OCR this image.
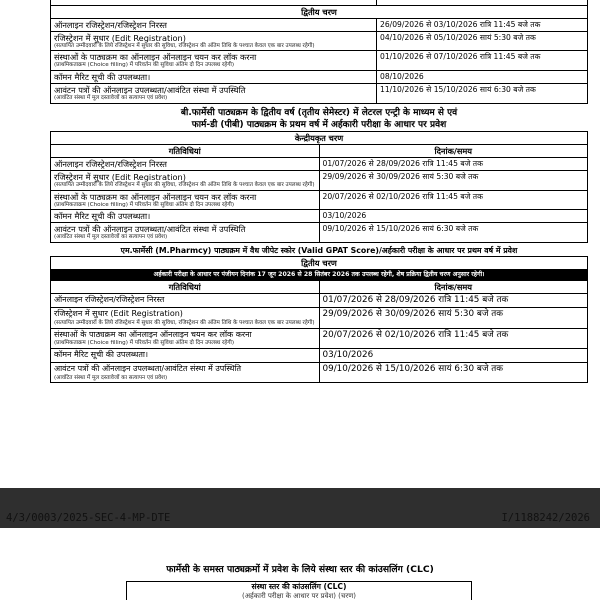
द्वितीय चरण	
ऑनलाइन रजिस्ट्रेशन/रजिस्ट्रेशन निरस्त	26/09/2026 से 03/10/2026 रात्रि 11:45 बजे तक
रजिस्ट्रेशन में सुधार (Edit Registration)
(सत्यापित उम्मीदवारों के लिये रजिस्ट्रेशन में सुधार की सुविधा, रजिस्ट्रेशन की अंतिम तिथि के पश्चात केवल एक बार उपलब्ध रहेगी)	04/10/2026 से 05/10/2026 सायं 5:30 बजे तक
संस्थाओं के पाठ्यक्रम का ऑनलाइन ऑनलाइन चयन कर लॉक करना
(प्राथमिकताक्रम (Choice filling) में परिवर्तन की सुविधा अंतिम दो दिन उपलब्ध रहेगी)	01/10/2026 से 07/10/2026 रात्रि 11:45 बजे तक
कॉमन मैरिट सूची की उपलब्धता।	08/10/2026
आवंटन पत्रों की ऑनलाइन उपलब्धता/आवंटित संस्था में उपस्थिति
(आवंटित संस्था में मूल दस्तावेजों का सत्यापन एवं प्रवेश)	11/10/2026 से 15/10/2026 सायं 6:30 बजे तक
बी.फार्मेसी पाठ्यक्रम के द्वितीय वर्ष (तृतीय सेमेस्टर) में लेटरल एन्ट्री के माध्यम से एवं
फार्म-डी (पीबी) पाठ्यक्रम के प्रथम वर्ष में अर्हकारी परीक्षा के आधार पर प्रवेश
केन्द्रीयकृत चरण	
गतिविधियां	दिनांक/समय
ऑनलाइन रजिस्ट्रेशन/रजिस्ट्रेशन निरस्त	01/07/2026 से 28/09/2026 रात्रि 11:45 बजे तक
रजिस्ट्रेशन में सुधार (Edit Registration)
(सत्यापित उम्मीदवारों के लिये रजिस्ट्रेशन में सुधार की सुविधा, रजिस्ट्रेशन की अंतिम तिथि के पश्चात केवल एक बार उपलब्ध रहेगी)	29/09/2026 से 30/09/2026 सायं 5:30 बजे तक
संस्थाओं के पाठ्यक्रम का ऑनलाइन ऑनलाइन चयन कर लॉक करना
(प्राथमिकताक्रम (Choice filling) में परिवर्तन की सुविधा अंतिम दो दिन उपलब्ध रहेगी)	20/07/2026 से 02/10/2026 रात्रि 11:45 बजे तक
कॉमन मैरिट सूची की उपलब्धता।	03/10/2026
आवंटन पत्रों की ऑनलाइन उपलब्धता/आवंटित संस्था में उपस्थिति
(आवंटित संस्था में मूल दस्तावेजों का सत्यापन एवं प्रवेश)	09/10/2026 से 15/10/2026 सायं 6:30 बजे तक
एम.फार्मेसी (M.Pharmcy) पाठ्यक्रम में वैध जीपेट स्कोर (Valid GPAT Score)/अर्हकारी परीक्षा के आधार पर प्रथम वर्ष में प्रवेश
द्वितीय चरण	
अर्हकारी परीक्षा के आधार पर पंजीयन दिनांक 17 जून 2026 से 28 सितंबर 2026 तक उपलब्ध रहेगी, शेष प्रक्रिया द्वितीय चरण अनुसार रहेगी।	
गतिविधियां	दिनांक/समय
ऑनलाइन रजिस्ट्रेशन/रजिस्ट्रेशन निरस्त	01/07/2026 से 28/09/2026 रात्रि 11:45 बजे तक
रजिस्ट्रेशन में सुधार (Edit Registration)
(सत्यापित उम्मीदवारों के लिये रजिस्ट्रेशन में सुधार की सुविधा, रजिस्ट्रेशन की अंतिम तिथि के पश्चात केवल एक बार उपलब्ध रहेगी)	29/09/2026 से 30/09/2026 सायं 5:30 बजे तक
संस्थाओं के पाठ्यक्रम का ऑनलाइन ऑनलाइन चयन कर लॉक करना
(प्राथमिकताक्रम (Choice filling) में परिवर्तन की सुविधा अंतिम दो दिन उपलब्ध रहेगी)	20/07/2026 से 02/10/2026 रात्रि 11:45 बजे तक
कॉमन मैरिट सूची की उपलब्धता।	03/10/2026
आवंटन पत्रों की ऑनलाइन उपलब्धता/आवंटित संस्था में उपस्थिति
(आवंटित संस्था में मूल दस्तावेजों का सत्यापन एवं प्रवेश)	09/10/2026 से 15/10/2026 सायं 6:30 बजे तक
4/3/0003/2025-SEC-4-MP-DTE	I/1188242/2026
फार्मेसी के समस्त पाठ्यक्रमों में प्रवेश के लिये संस्था स्तर की कांउसलिंग (CLC)
संस्था स्तर की कांउसलिंग (CLC)
(अर्हकारी परीक्षा के आधार पर प्रवेश) (चरण)
